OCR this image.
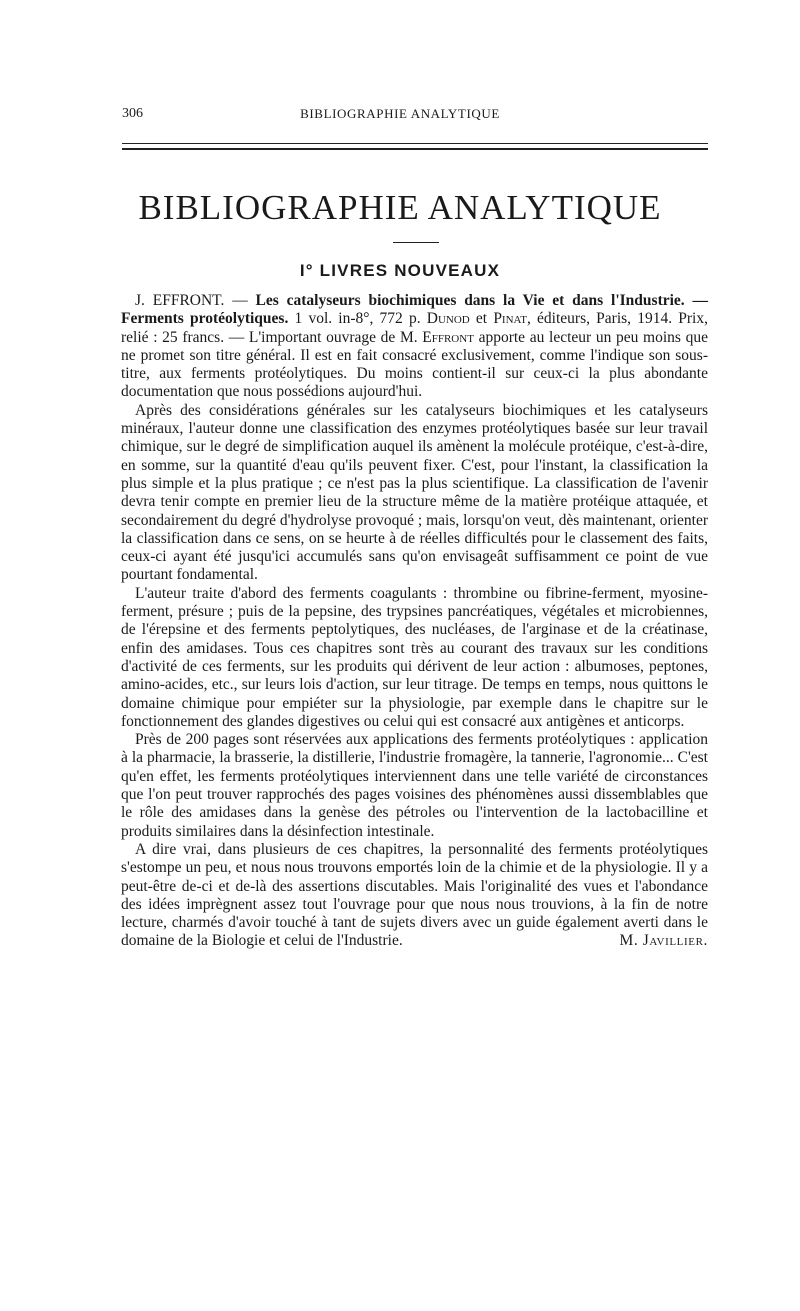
306	BIBLIOGRAPHIE ANALYTIQUE
BIBLIOGRAPHIE ANALYTIQUE
I° LIVRES NOUVEAUX

J. EFFRONT. — Les catalyseurs biochimiques dans la Vie et dans l'Industrie. — Ferments protéolytiques. 1 vol. in-8°, 772 p. Dunod et Pinat, éditeurs, Paris, 1914. Prix, relié : 25 francs. — L'important ouvrage de M. Effront apporte au lecteur un peu moins que ne promet son titre général. Il est en fait consacré exclusivement, comme l'indique son sous-titre, aux ferments protéolytiques. Du moins contient-il sur ceux-ci la plus abondante documentation que nous possédions aujourd'hui.

Après des considérations générales sur les catalyseurs biochimiques et les catalyseurs minéraux, l'auteur donne une classification des enzymes protéolytiques basée sur leur travail chimique, sur le degré de simplification auquel ils amènent la molécule protéique, c'est-à-dire, en somme, sur la quantité d'eau qu'ils peuvent fixer. C'est, pour l'instant, la classification la plus simple et la plus pratique ; ce n'est pas la plus scientifique. La classification de l'avenir devra tenir compte en premier lieu de la structure même de la matière protéique attaquée, et secondairement du degré d'hydrolyse provoqué ; mais, lorsqu'on veut, dès maintenant, orienter la classification dans ce sens, on se heurte à de réelles difficultés pour le classement des faits, ceux-ci ayant été jusqu'ici accumulés sans qu'on envisageât suffisamment ce point de vue pourtant fondamental.

L'auteur traite d'abord des ferments coagulants : thrombine ou fibrine-ferment, myosine-ferment, présure ; puis de la pepsine, des trypsines pancréatiques, végétales et microbiennes, de l'érepsine et des ferments peptolytiques, des nucléases, de l'arginase et de la créatinase, enfin des amidases. Tous ces chapitres sont très au courant des travaux sur les conditions d'activité de ces ferments, sur les produits qui dérivent de leur action : albumoses, peptones, amino-acides, etc., sur leurs lois d'action, sur leur titrage. De temps en temps, nous quittons le domaine chimique pour empiéter sur la physiologie, par exemple dans le chapitre sur le fonctionnement des glandes digestives ou celui qui est consacré aux antigènes et anticorps.

Près de 200 pages sont réservées aux applications des ferments protéolytiques : application à la pharmacie, la brasserie, la distillerie, l'industrie fromagère, la tannerie, l'agronomie... C'est qu'en effet, les ferments protéolytiques interviennent dans une telle variété de circonstances que l'on peut trouver rapprochés des pages voisines des phénomènes aussi dissemblables que le rôle des amidases dans la genèse des pétroles ou l'intervention de la lactobacilline et produits similaires dans la désinfection intestinale.

A dire vrai, dans plusieurs de ces chapitres, la personnalité des ferments protéolytiques s'estompe un peu, et nous nous trouvons emportés loin de la chimie et de la physiologie. Il y a peut-être de-ci et de-là des assertions discutables. Mais l'originalité des vues et l'abondance des idées imprègnent assez tout l'ouvrage pour que nous nous trouvions, à la fin de notre lecture, charmés d'avoir touché à tant de sujets divers avec un guide également averti dans le domaine de la Biologie et celui de l'Industrie.	M. Javillier.
